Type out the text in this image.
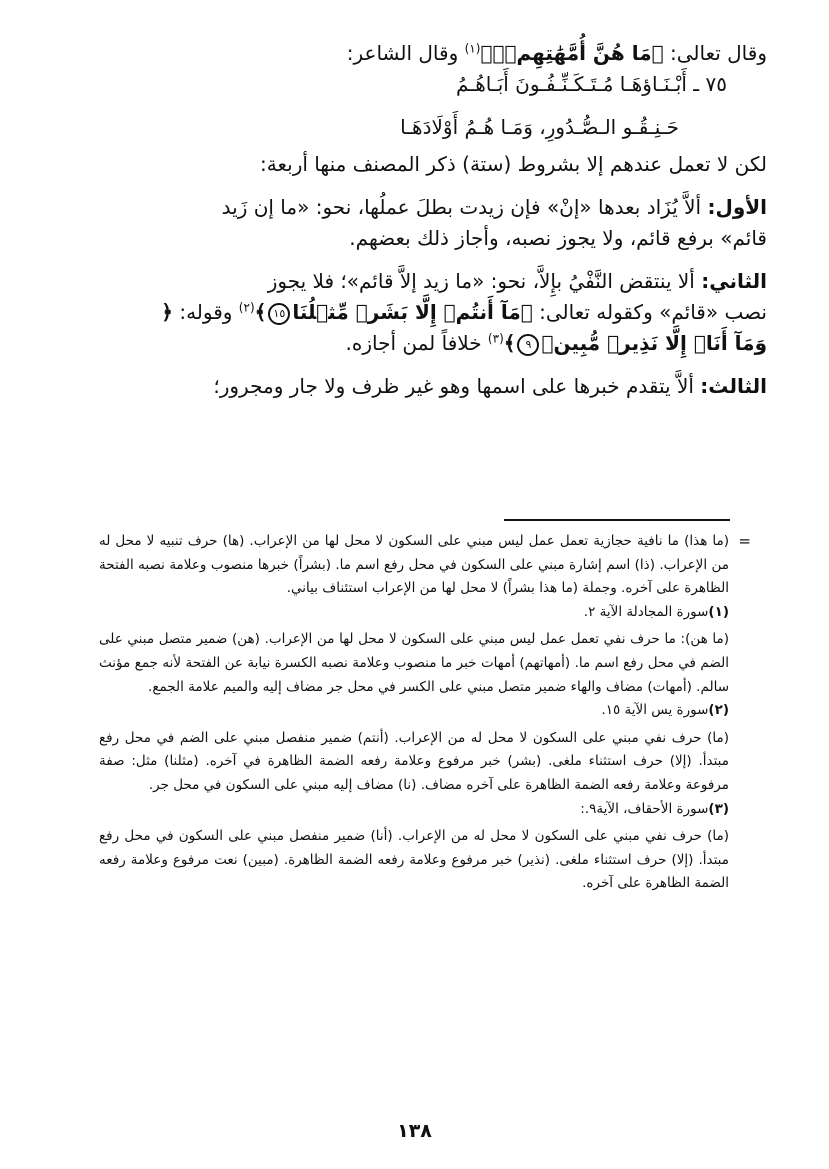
وقال تعالى: ﴿مَا هُنَّ أُمَّهَٰتِهِمۡۖ﴾$^{(١)}$ وقال الشاعر:

٧٥ ـ أَبْـنَـاؤهَـا مُـتَـكَـنِّـفُـونَ أَبَـاهُـمُ

حَـنِـقُـو الـصُّـدُورِ، وَمَـا هُـمُ أَوْلَادَهَـا

لكن لا تعمل عندهم إلا بشروط (ستة) ذكر المصنف منها أربعة:

الأول: ألاَّ يُزَاد بعدها «إنْ» فإن زيدت بطلَ عملُها، نحو: «ما إن زَيد

قائم» برفع قائم، ولا يجوز نصبه، وأجاز ذلك بعضهم.

الثاني: ألا ينتقض النَّفْيُ بإِلاَّ، نحو: «ما زيد إلاَّ قائم»؛ فلا يجوز

نصب «قائم» وكقوله تعالى: ﴿مَآ أَنتُمۡ إِلَّا بَشَرٞ مِّثۡلُنَا١٥﴾$^{(٢)}$ وقوله: ﴿

وَمَآ أَنَا۠ إِلَّا نَذِيرٞ مُّبِينٞ٩﴾$^{(٣)}$ خلافاً لمن أجازه.

الثالث: ألاَّ يتقدم خبرها على اسمها وهو غير ظرف ولا جار ومجرور؛

=

(ما هذا) ما نافية حجازية تعمل عمل ليس مبني على السكون لا محل لها من الإعراب. (ها) حرف تنبيه لا محل له من الإعراب. (ذا) اسم إشارة مبني على السكون في محل رفع اسم ما. (بشراً) خبرها منصوب وعلامة نصبه الفتحة الظاهرة على آخره. وجملة (ما هذا بشراً) لا محل لها من الإعراب استئناف بياني.

(١)سورة المجادلة الآية ٢.

(ما هن): ما حرف نفي تعمل عمل ليس مبني على السكون لا محل لها من الإعراب. (هن) ضمير متصل مبني على الضم في محل رفع اسم ما. (أمهاتهم) أمهات خبر ما منصوب وعلامة نصبه الكسرة نيابة عن الفتحة لأنه جمع مؤنث سالم. (أمهات) مضاف والهاء ضمير متصل مبني على الكسر في محل جر مضاف إليه والميم علامة الجمع.

(٢)سورة يس الآية ١٥.

(ما) حرف نفي مبني على السكون لا محل له من الإعراب. (أنتم) ضمير منفصل مبني على الضم في محل رفع مبتدأ. (إلا) حرف استثناء ملغى. (بشر) خبر مرفوع وعلامة رفعه الضمة الظاهرة في آخره. (مثلنا) مثل: صفة مرفوعة وعلامة رفعه الضمة الظاهرة على آخره مضاف. (نا) مضاف إليه مبني على السكون في محل جر.

(٣)سورة الأحقاف، الآية٩.:

(ما) حرف نفي مبني على السكون لا محل له من الإعراب. (أنا) ضمير منفصل مبني على السكون في محل رفع مبتدأ. (إلا) حرف استثناء ملغى. (نذير) خبر مرفوع وعلامة رفعه الضمة الظاهرة. (مبين) نعت مرفوع وعلامة رفعه الضمة الظاهرة على آخره.

١٣٨
